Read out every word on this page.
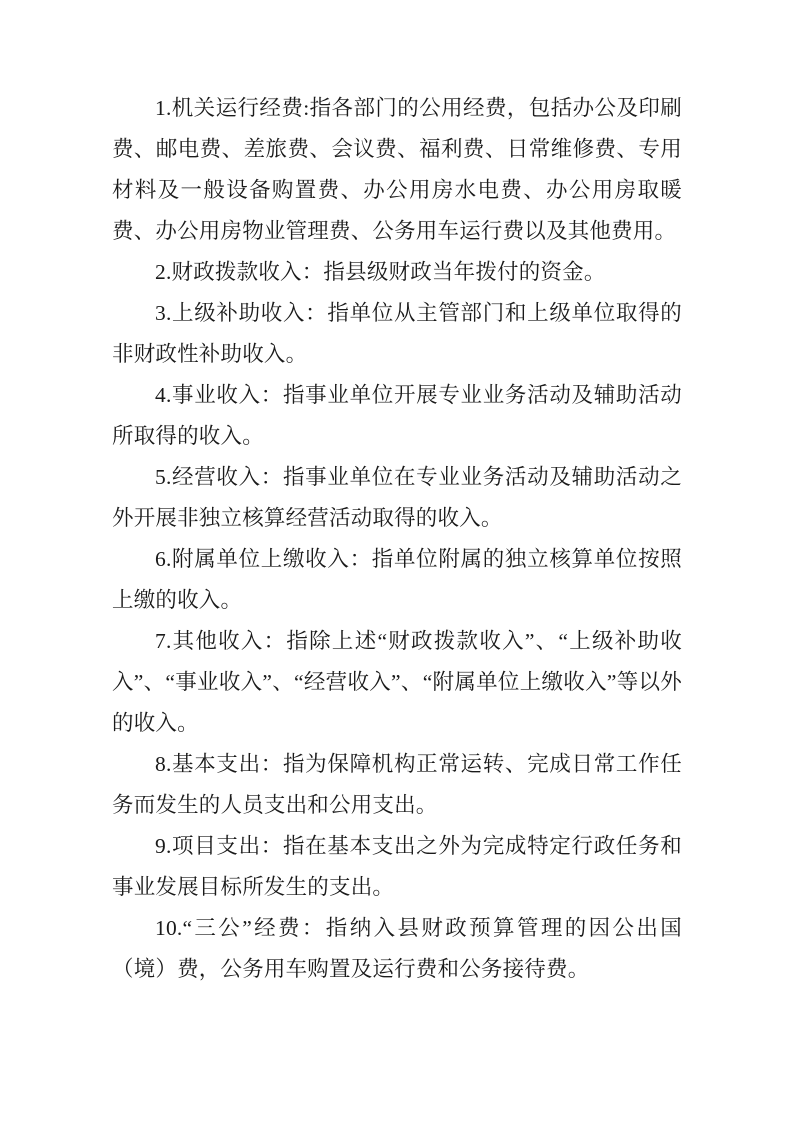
1.机关运行经费:指各部门的公用经费，包括办公及印刷费、邮电费、差旅费、会议费、福利费、日常维修费、专用材料及一般设备购置费、办公用房水电费、办公用房取暖费、办公用房物业管理费、公务用车运行费以及其他费用。

2.财政拨款收入：指县级财政当年拨付的资金。

3.上级补助收入：指单位从主管部门和上级单位取得的非财政性补助收入。

4.事业收入：指事业单位开展专业业务活动及辅助活动所取得的收入。

5.经营收入：指事业单位在专业业务活动及辅助活动之外开展非独立核算经营活动取得的收入。

6.附属单位上缴收入：指单位附属的独立核算单位按照上缴的收入。

7.其他收入：指除上述“财政拨款收入”、“上级补助收入”、“事业收入”、“经营收入”、“附属单位上缴收入”等以外的收入。

8.基本支出：指为保障机构正常运转、完成日常工作任务而发生的人员支出和公用支出。

9.项目支出：指在基本支出之外为完成特定行政任务和事业发展目标所发生的支出。

10.“三公”经费：指纳入县财政预算管理的因公出国（境）费，公务用车购置及运行费和公务接待费。
